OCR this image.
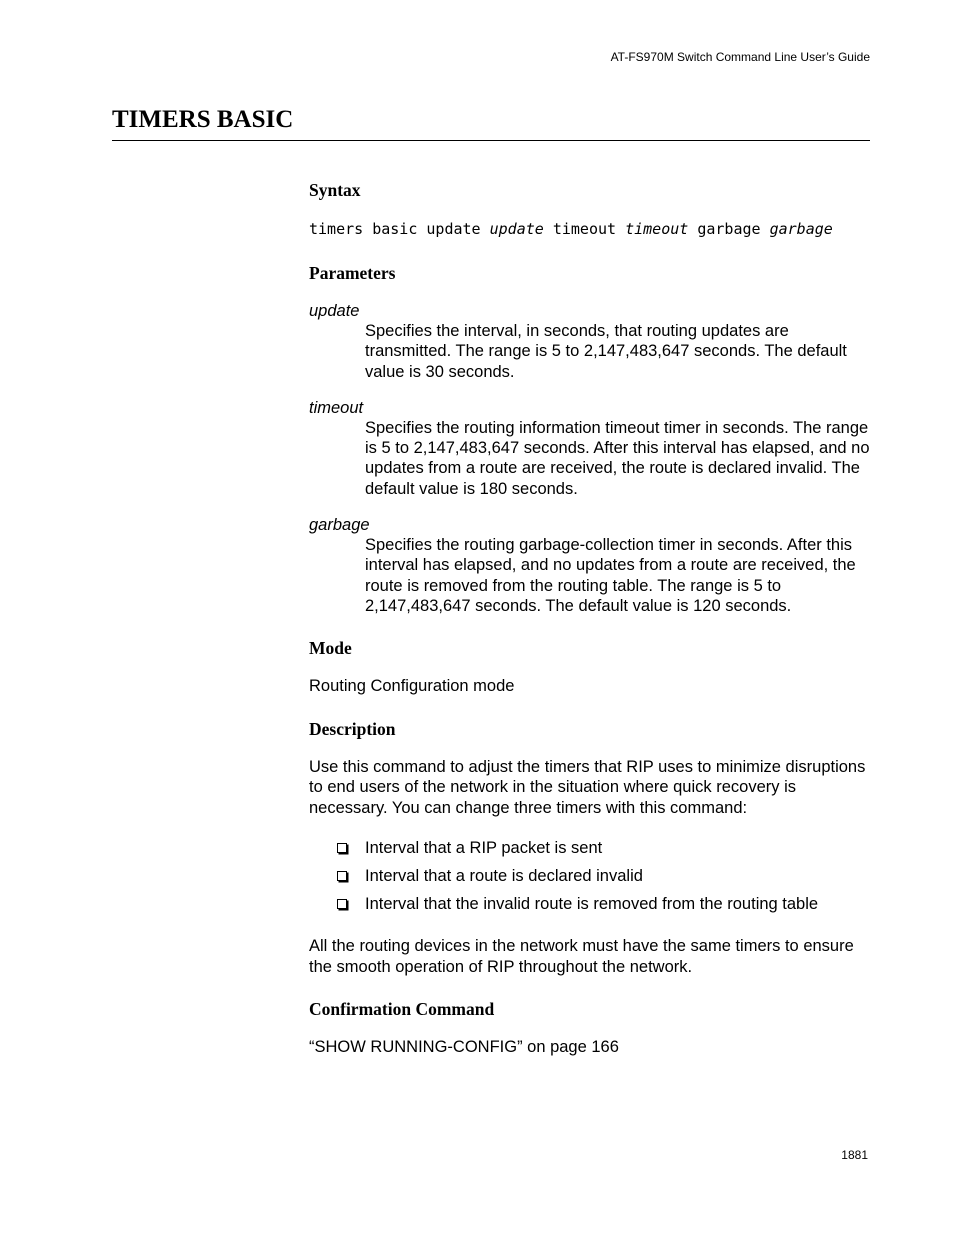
AT-FS970M Switch Command Line User’s Guide
TIMERS BASIC
Syntax

timers basic update update timeout timeout garbage garbage

Parameters

update

Specifies the interval, in seconds, that routing updates are transmitted. The range is 5 to 2,147,483,647 seconds. The default value is 30 seconds.

timeout

Specifies the routing information timeout timer in seconds. The range is 5 to 2,147,483,647 seconds. After this interval has elapsed, and no updates from a route are received, the route is declared invalid. The default value is 180 seconds.

garbage

Specifies the routing garbage-collection timer in seconds. After this interval has elapsed, and no updates from a route are received, the route is removed from the routing table. The range is 5 to 2,147,483,647 seconds. The default value is 120 seconds.

Mode

Routing Configuration mode

Description

Use this command to adjust the timers that RIP uses to minimize disruptions to end users of the network in the situation where quick recovery is necessary. You can change three timers with this command:

Interval that a RIP packet is sent
Interval that a route is declared invalid
Interval that the invalid route is removed from the routing table

All the routing devices in the network must have the same timers to ensure the smooth operation of RIP throughout the network.

Confirmation Command

“SHOW RUNNING-CONFIG” on page 166

1881
